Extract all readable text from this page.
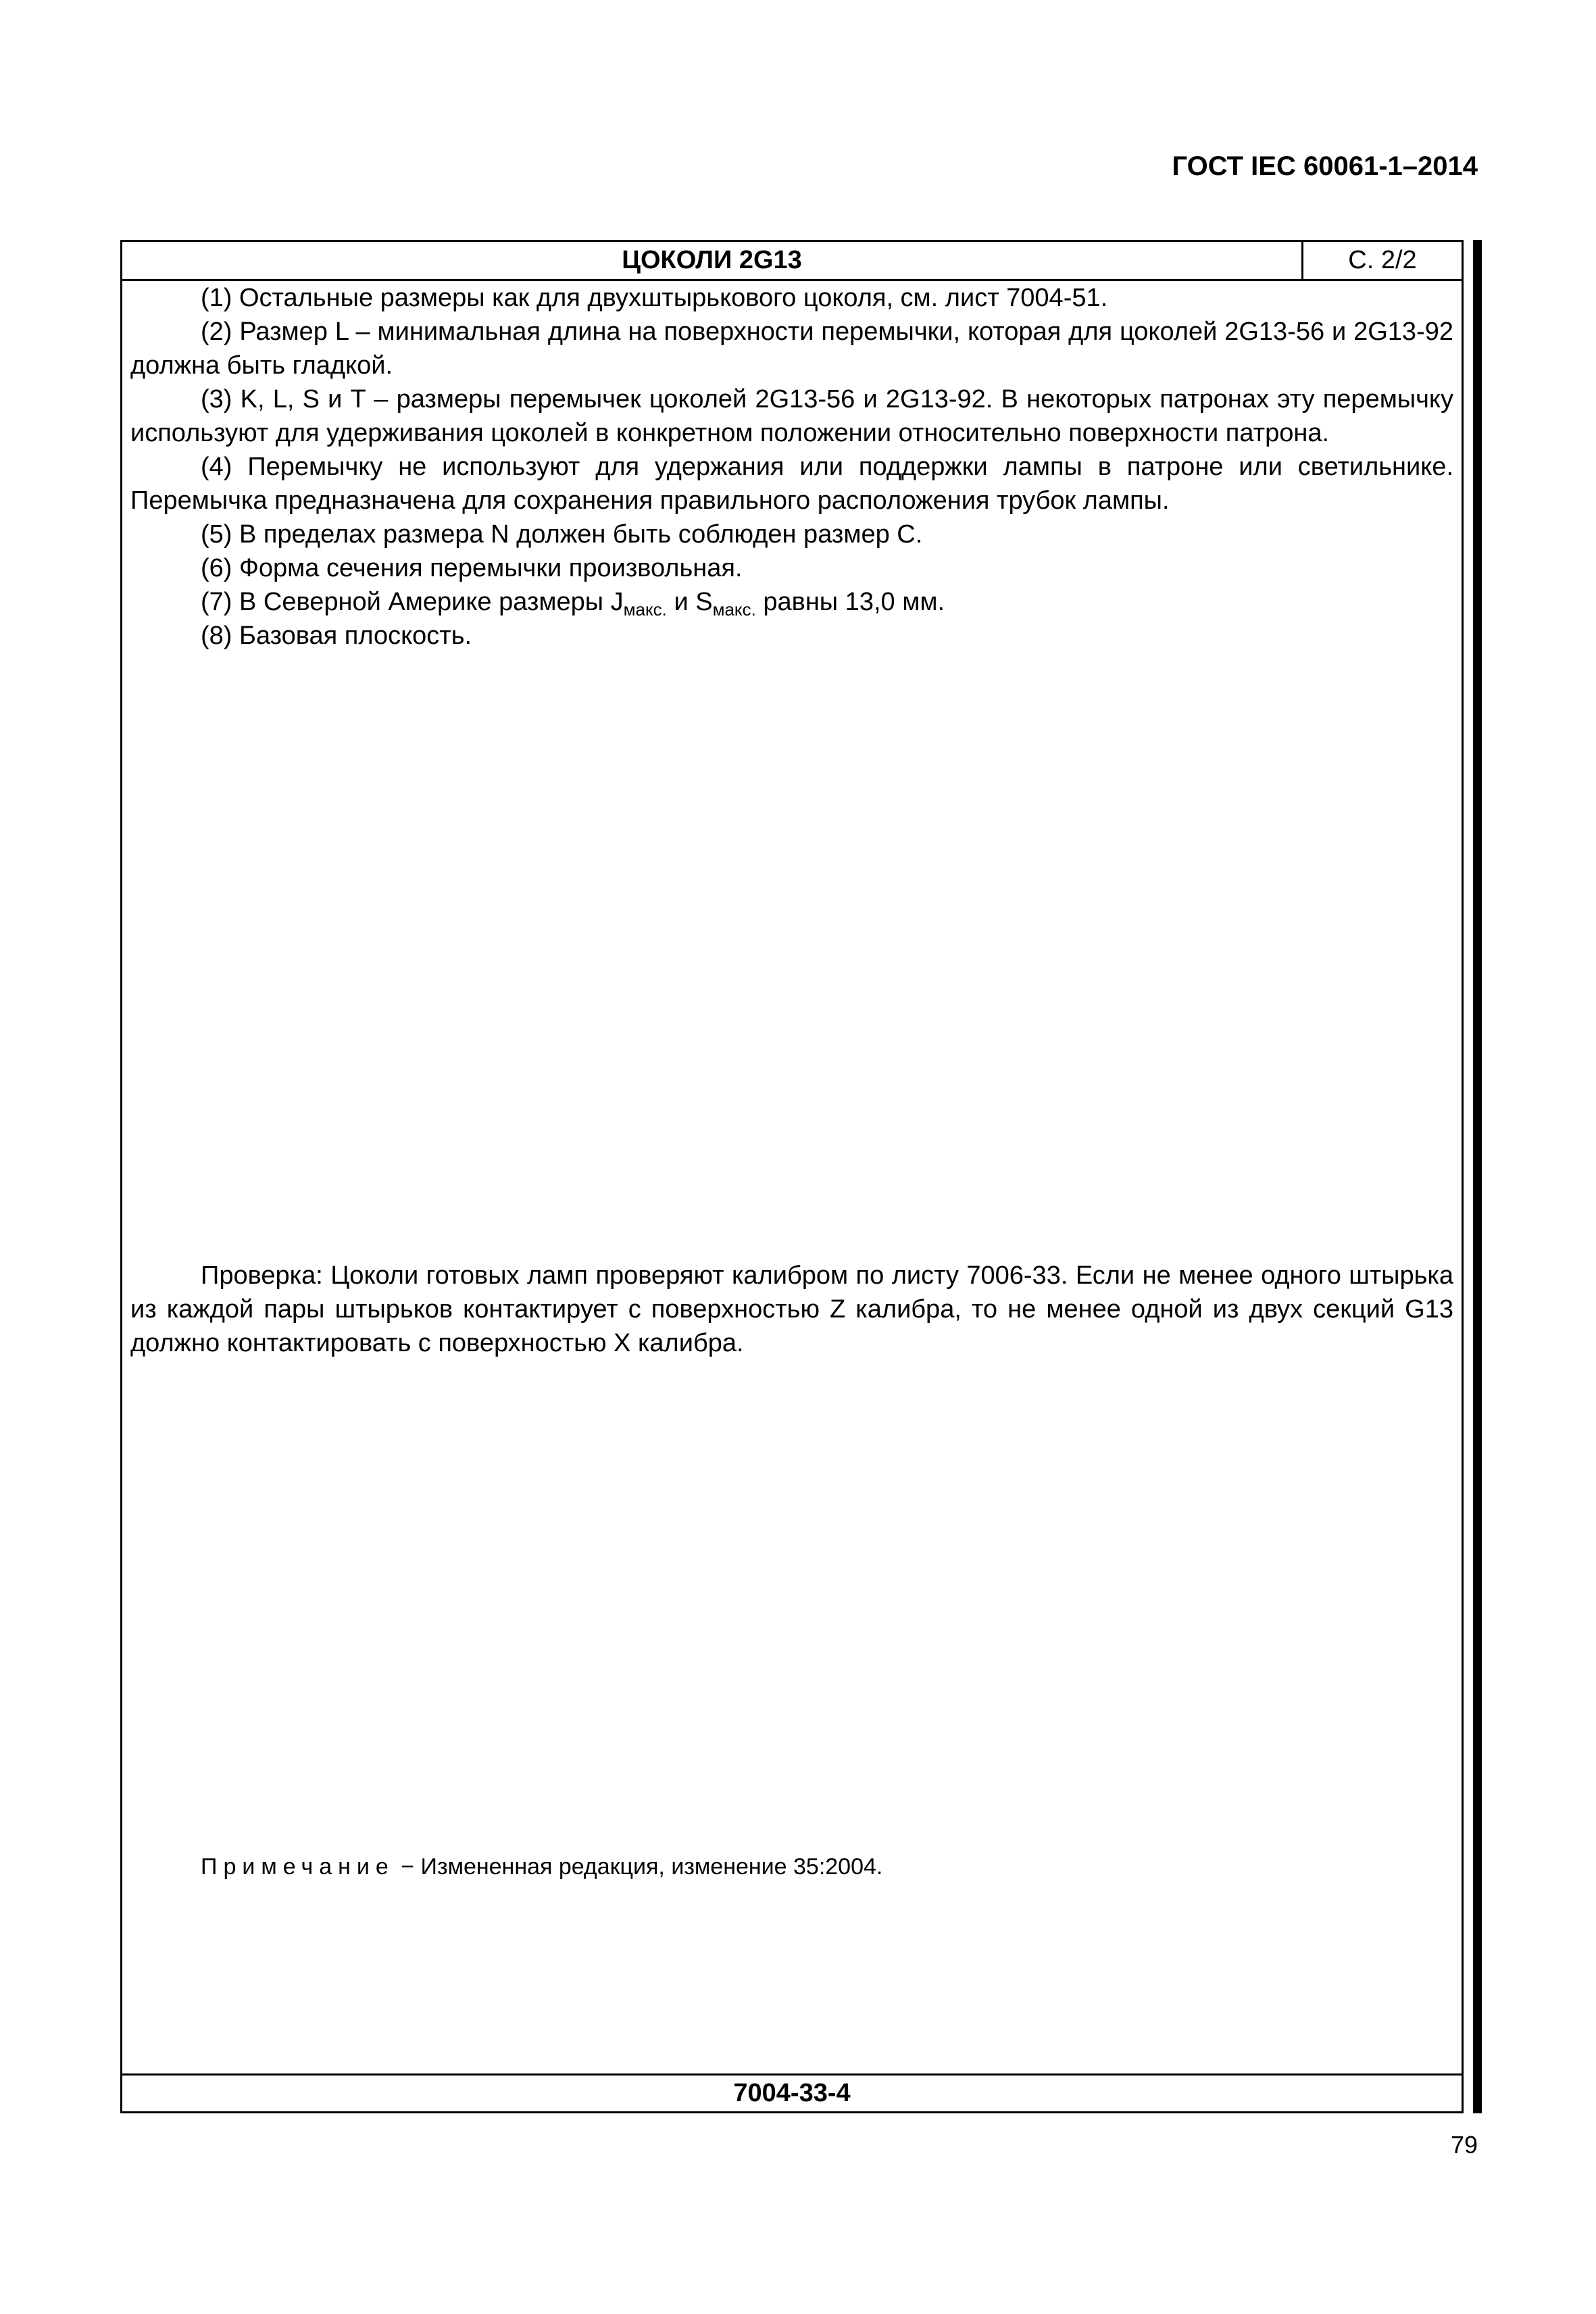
ГОСТ IEC 60061-1–2014
ЦОКОЛИ 2G13	С. 2/2

(1) Остальные размеры как для двухштырькового цоколя, см. лист 7004-51.

(2) Размер L – минимальная длина на поверхности перемычки, которая для цоколей 2G13-56 и 2G13-92 должна быть гладкой.

(3) K, L, S и T – размеры перемычек цоколей 2G13-56 и 2G13-92. В некоторых патронах эту перемычку используют для удерживания цоколей в конкретном положении относительно поверхности патрона.

(4) Перемычку не используют для удержания или поддержки лампы в патроне или светильнике. Перемычка предназначена для сохранения правильного расположения трубок лампы.

(5) В пределах размера N должен быть соблюден размер C.

(6) Форма сечения перемычки произвольная.

(7) В Северной Америке размеры $J_{макс.}$ и $S_{макс.}$ равны 13,0 мм.

(8) Базовая плоскость.

Проверка: Цоколи готовых ламп проверяют калибром по листу 7006-33. Если не менее одного штырька из каждой пары штырьков контактирует с поверхностью Z калибра, то не менее одной из двух секций G13 должно контактировать с поверхностью X калибра.

Примечание − Измененная редакция, изменение 35:2004.
7004-33-4
79
